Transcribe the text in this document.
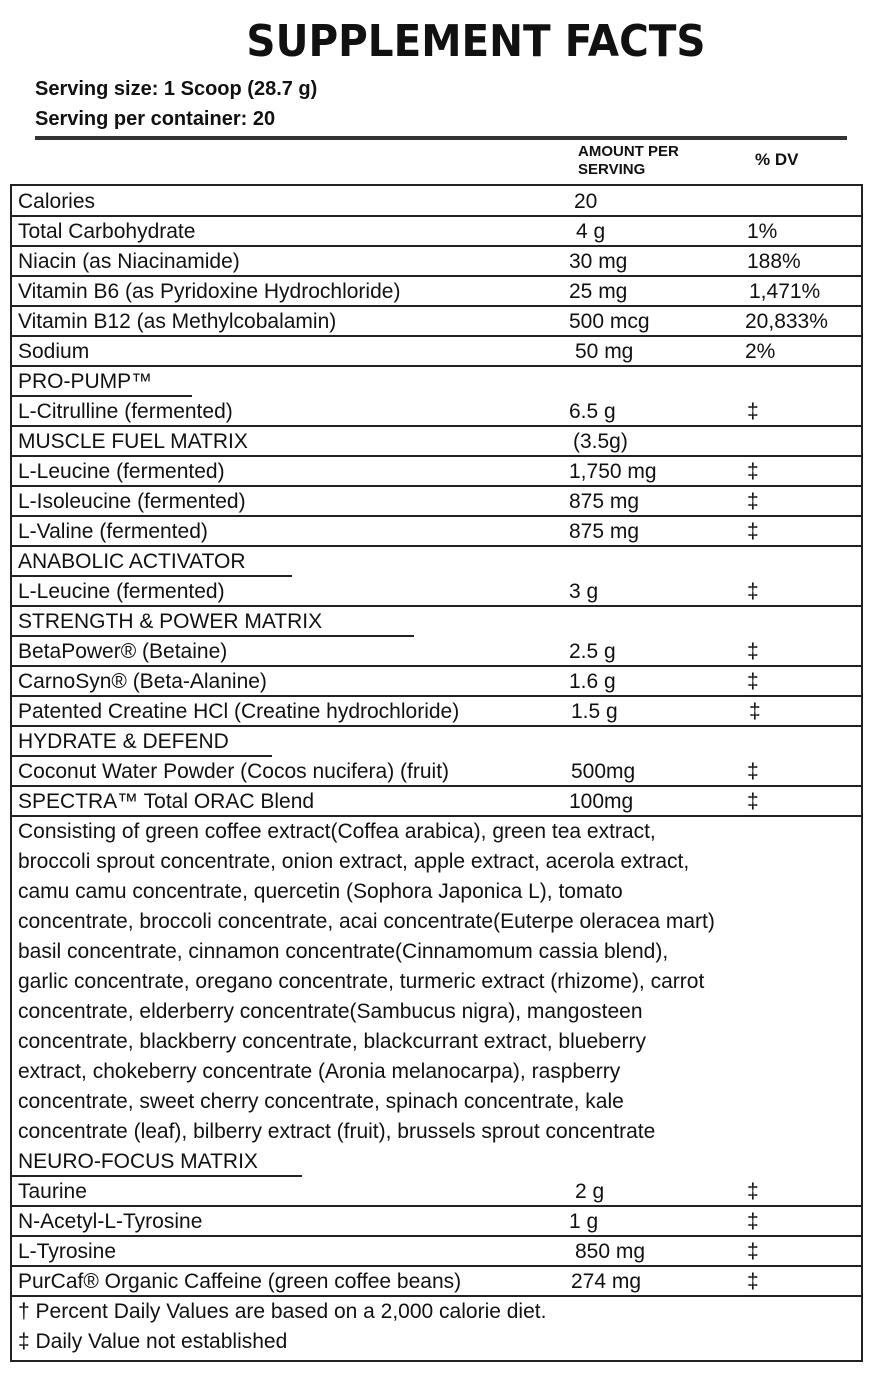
SUPPLEMENT FACTS
Serving size: 1 Scoop (28.7 g)
Serving per container: 20
AMOUNT PER SERVING
% DV
Calories	20
Total Carbohydrate	4 g	1%
Niacin (as Niacinamide)	30 mg	188%
Vitamin B6 (as Pyridoxine Hydrochloride)	25 mg	1,471%
Vitamin B12 (as Methylcobalamin)	500 mcg	20,833%
Sodium	50 mg	2%
PRO-PUMP™
L-Citrulline (fermented)	6.5 g	‡
MUSCLE FUEL MATRIX	(3.5g)
L-Leucine (fermented)	1,750 mg	‡
L-Isoleucine (fermented)	875 mg	‡
L-Valine (fermented)	875 mg	‡
ANABOLIC ACTIVATOR
L-Leucine (fermented)	3 g	‡
STRENGTH & POWER MATRIX
BetaPower® (Betaine)	2.5 g	‡
CarnoSyn® (Beta-Alanine)	1.6 g	‡
Patented Creatine HCl (Creatine hydrochloride)	1.5 g	‡
HYDRATE & DEFEND
Coconut Water Powder (Cocos nucifera) (fruit)	500mg	‡
SPECTRA™ Total ORAC Blend	100mg	‡
Consisting of green coffee extract(Coffea arabica), green tea extract,
broccoli sprout concentrate, onion extract, apple extract, acerola extract,
camu camu concentrate, quercetin (Sophora Japonica L), tomato
concentrate, broccoli concentrate, acai concentrate(Euterpe oleracea mart)
basil concentrate, cinnamon concentrate(Cinnamomum cassia blend),
garlic concentrate, oregano concentrate, turmeric extract (rhizome), carrot
concentrate, elderberry concentrate(Sambucus nigra), mangosteen
concentrate, blackberry concentrate, blackcurrant extract, blueberry
extract, chokeberry concentrate (Aronia melanocarpa), raspberry
concentrate, sweet cherry concentrate, spinach concentrate, kale
concentrate (leaf), bilberry extract (fruit), brussels sprout concentrate
NEURO-FOCUS MATRIX
Taurine	2 g	‡
N-Acetyl-L-Tyrosine	1 g	‡
L-Tyrosine	850 mg	‡
PurCaf® Organic Caffeine (green coffee beans)	274 mg	‡
† Percent Daily Values are based on a 2,000 calorie diet.
‡ Daily Value not established
